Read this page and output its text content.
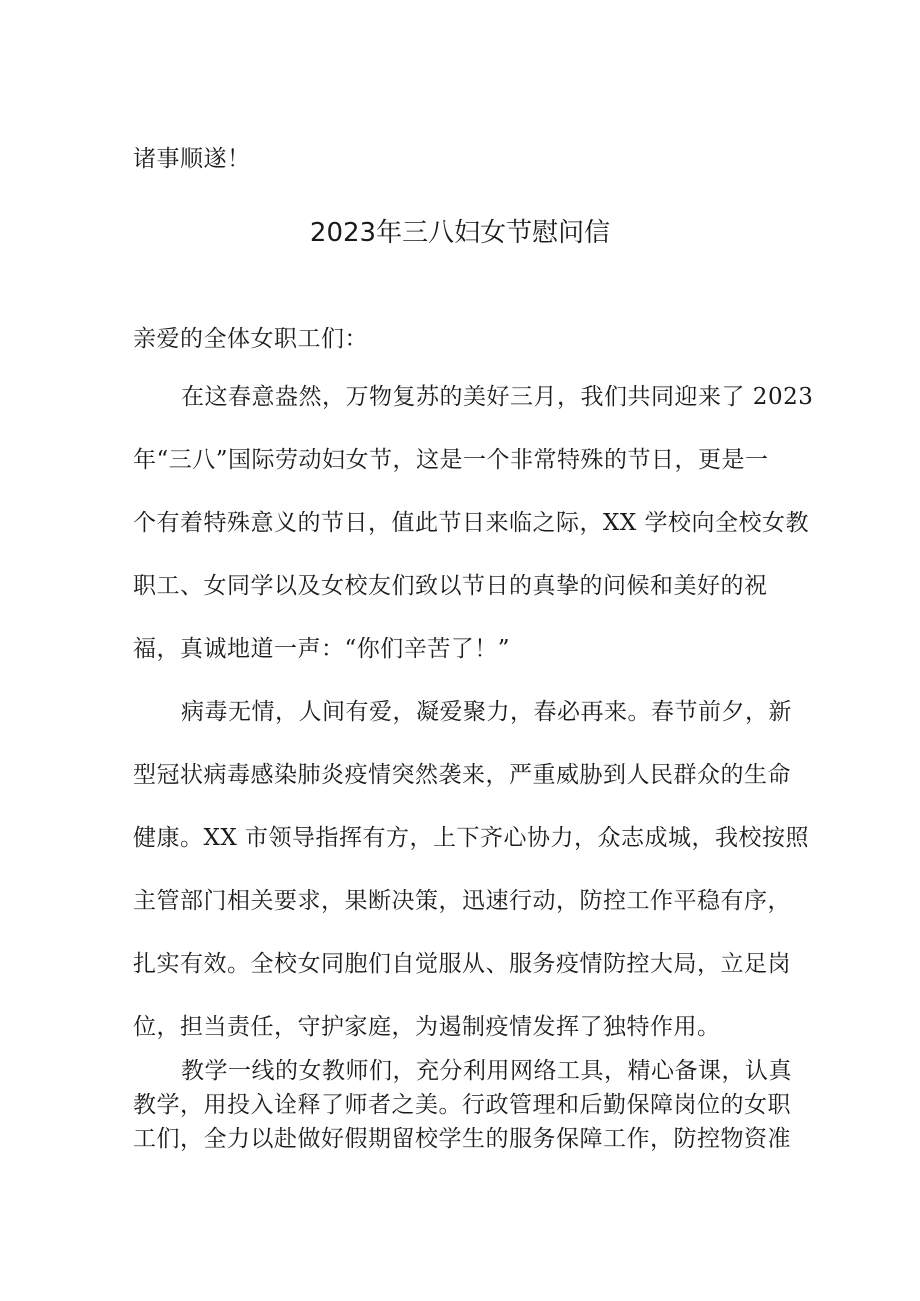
诸事顺遂！
2023年三八妇女节慰问信
亲爱的全体女职工们：
在这春意盎然，万物复苏的美好三月，我们共同迎来了 2023
年“三八”国际劳动妇女节，这是一个非常特殊的节日，更是一
个有着特殊意义的节日，值此节日来临之际，XX 学校向全校女教
职工、女同学以及女校友们致以节日的真挚的问候和美好的祝
福，真诚地道一声：“你们辛苦了！”
病毒无情，人间有爱，凝爱聚力，春必再来。春节前夕，新
型冠状病毒感染肺炎疫情突然袭来，严重威胁到人民群众的生命
健康。XX 市领导指挥有方，上下齐心协力，众志成城，我校按照
主管部门相关要求，果断决策，迅速行动，防控工作平稳有序，
扎实有效。全校女同胞们自觉服从、服务疫情防控大局，立足岗
位，担当责任，守护家庭，为遏制疫情发挥了独特作用。
教学一线的女教师们，充分利用网络工具，精心备课，认真
教学，用投入诠释了师者之美。行政管理和后勤保障岗位的女职
工们，全力以赴做好假期留校学生的服务保障工作，防控物资准
